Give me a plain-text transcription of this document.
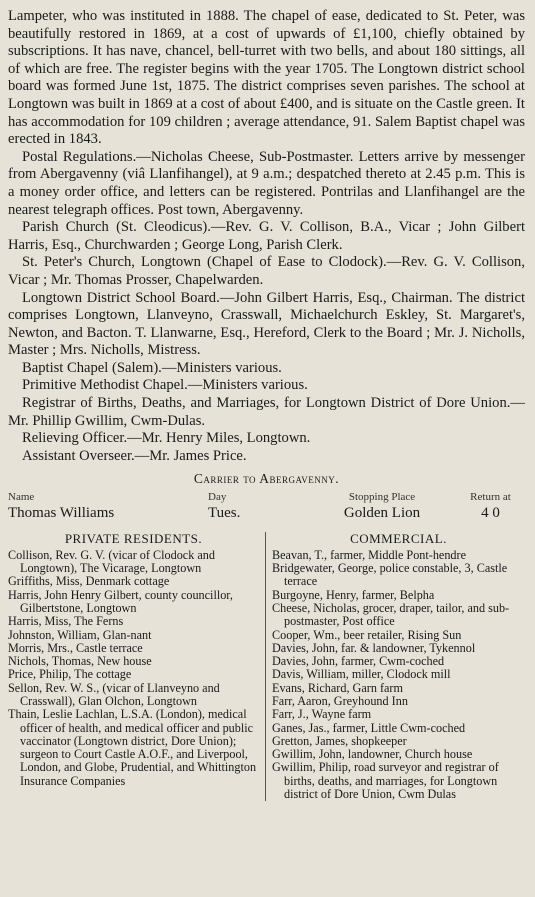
Lampeter, who was instituted in 1888. The chapel of ease, dedicated to St. Peter, was beautifully restored in 1869, at a cost of upwards of £1,100, chiefly obtained by subscriptions. It has nave, chancel, bell-turret with two bells, and about 180 sittings, all of which are free. The register begins with the year 1705. The Longtown district school board was formed June 1st, 1875. The district comprises seven parishes. The school at Longtown was built in 1869 at a cost of about £400, and is situate on the Castle green. It has accommodation for 109 children ; average attendance, 91. Salem Baptist chapel was erected in 1843.

Postal Regulations.—Nicholas Cheese, Sub-Postmaster. Letters arrive by messenger from Abergavenny (viâ Llanfihangel), at 9 a.m.; despatched thereto at 2.45 p.m. This is a money order office, and letters can be registered. Pontrilas and Llanfihangel are the nearest telegraph offices. Post town, Abergavenny.

Parish Church (St. Cleodicus).—Rev. G. V. Collison, B.A., Vicar ; John Gilbert Harris, Esq., Churchwarden ; George Long, Parish Clerk.

St. Peter's Church, Longtown (Chapel of Ease to Clodock).—Rev. G. V. Collison, Vicar ; Mr. Thomas Prosser, Chapelwarden.

Longtown District School Board.—John Gilbert Harris, Esq., Chairman. The district comprises Longtown, Llanveyno, Crasswall, Michaelchurch Eskley, St. Margaret's, Newton, and Bacton. T. Llanwarne, Esq., Hereford, Clerk to the Board ; Mr. J. Nicholls, Master ; Mrs. Nicholls, Mistress.

Baptist Chapel (Salem).—Ministers various.

Primitive Methodist Chapel.—Ministers various.

Registrar of Births, Deaths, and Marriages, for Longtown District of Dore Union.—Mr. Phillip Gwillim, Cwm-Dulas.

Relieving Officer.—Mr. Henry Miles, Longtown.

Assistant Overseer.—Mr. James Price.

Carrier to Abergavenny.
Name	Day	Stopping Place	Return at
Thomas Williams	Tues.	Golden Lion	4 0
PRIVATE RESIDENTS.
Collison, Rev. G. V. (vicar of Clodock and Longtown), The Vicarage, Longtown
Griffiths, Miss, Denmark cottage
Harris, John Henry Gilbert, county councillor, Gilbertstone, Longtown
Harris, Miss, The Ferns
Johnston, William, Glan-nant
Morris, Mrs., Castle terrace
Nichols, Thomas, New house
Price, Philip, The cottage
Sellon, Rev. W. S., (vicar of Llanveyno and Crasswall), Glan Olchon, Longtown
Thain, Leslie Lachlan, L.S.A. (London), medical officer of health, and medical officer and public vaccinator (Longtown district, Dore Union); surgeon to Court Castle A.O.F., and Liverpool, London, and Globe, Prudential, and Whittington Insurance Companies
COMMERCIAL.
Beavan, T., farmer, Middle Pont-hendre
Bridgewater, George, police constable, 3, Castle terrace
Burgoyne, Henry, farmer, Belpha
Cheese, Nicholas, grocer, draper, tailor, and sub-postmaster, Post office
Cooper, Wm., beer retailer, Rising Sun
Davies, John, far. & landowner, Tykennol
Davies, John, farmer, Cwm-coched
Davis, William, miller, Clodock mill
Evans, Richard, Garn farm
Farr, Aaron, Greyhound Inn
Farr, J., Wayne farm
Ganes, Jas., farmer, Little Cwm-coched
Gretton, James, shopkeeper
Gwillim, John, landowner, Church house
Gwillim, Philip, road surveyor and registrar of births, deaths, and marriages, for Longtown district of Dore Union, Cwm Dulas
